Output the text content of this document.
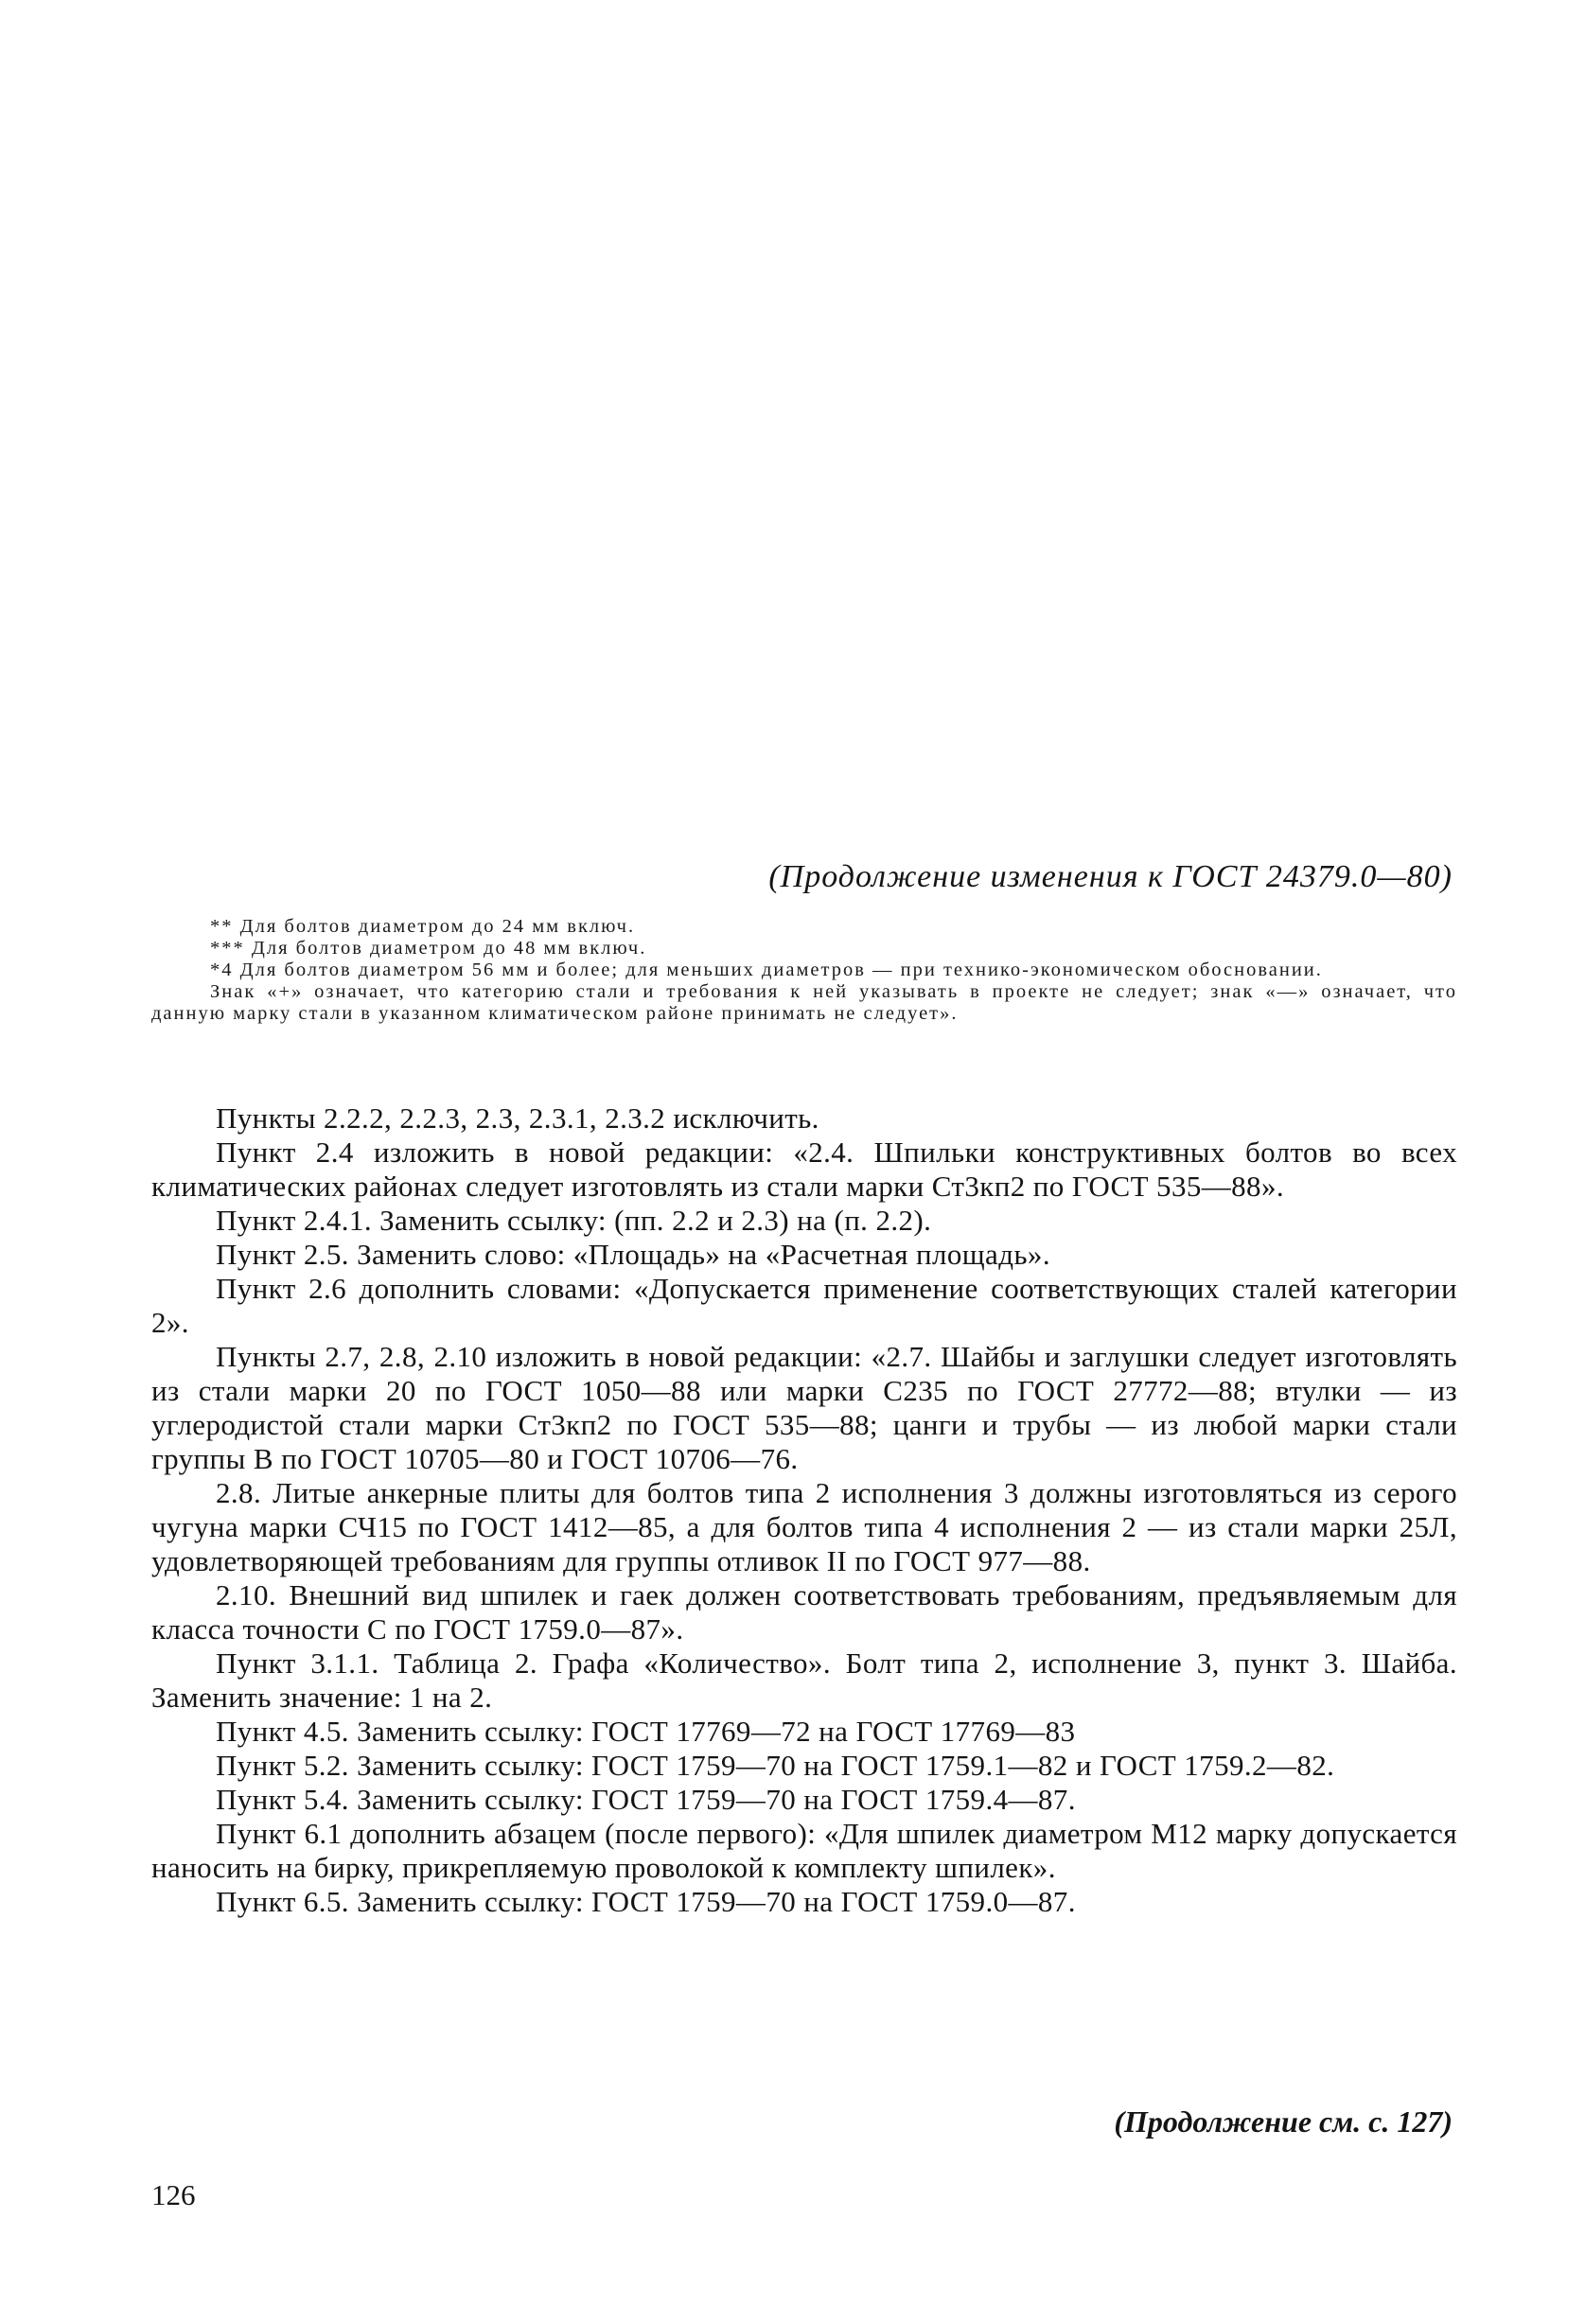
(Продолжение изменения к ГОСТ 24379.0—80)

** Для болтов диаметром до 24 мм включ.

*** Для болтов диаметром до 48 мм включ.

*4 Для болтов диаметром 56 мм и более; для меньших диаметров — при технико-экономическом обосновании.

Знак «+» означает, что категорию стали и требования к ней указывать в проекте не следует; знак «—» означает, что данную марку стали в указанном климатическом районе принимать не следует».

Пункты 2.2.2, 2.2.3, 2.3, 2.3.1, 2.3.2 исключить.

Пункт 2.4 изложить в новой редакции: «2.4. Шпильки конструктивных болтов во всех климатических районах следует изготовлять из стали марки Ст3кп2 по ГОСТ 535—88».

Пункт 2.4.1. Заменить ссылку: (пп. 2.2 и 2.3) на (п. 2.2).

Пункт 2.5. Заменить слово: «Площадь» на «Расчетная площадь».

Пункт 2.6 дополнить словами: «Допускается применение соответствующих сталей категории 2».

Пункты 2.7, 2.8, 2.10 изложить в новой редакции: «2.7. Шайбы и заглушки следует изготовлять из стали марки 20 по ГОСТ 1050—88 или марки С235 по ГОСТ 27772—88; втулки — из углеродистой стали марки Ст3кп2 по ГОСТ 535—88; цанги и трубы — из любой марки стали группы В по ГОСТ 10705—80 и ГОСТ 10706—76.

2.8. Литые анкерные плиты для болтов типа 2 исполнения 3 должны изготовляться из серого чугуна марки СЧ15 по ГОСТ 1412—85, а для болтов типа 4 исполнения 2 — из стали марки 25Л, удовлетворяющей требованиям для группы отливок II по ГОСТ 977—88.

2.10. Внешний вид шпилек и гаек должен соответствовать требованиям, предъявляемым для класса точности С по ГОСТ 1759.0—87».

Пункт 3.1.1. Таблица 2. Графа «Количество». Болт типа 2, исполнение 3, пункт 3. Шайба. Заменить значение: 1 на 2.

Пункт 4.5. Заменить ссылку: ГОСТ 17769—72 на ГОСТ 17769—83

Пункт 5.2. Заменить ссылку: ГОСТ 1759—70 на ГОСТ 1759.1—82 и ГОСТ 1759.2—82.

Пункт 5.4. Заменить ссылку: ГОСТ 1759—70 на ГОСТ 1759.4—87.

Пункт 6.1 дополнить абзацем (после первого): «Для шпилек диаметром М12 марку допускается наносить на бирку, прикрепляемую проволокой к комплекту шпилек».

Пункт 6.5. Заменить ссылку: ГОСТ 1759—70 на ГОСТ 1759.0—87.

(Продолжение см. с. 127)
126
